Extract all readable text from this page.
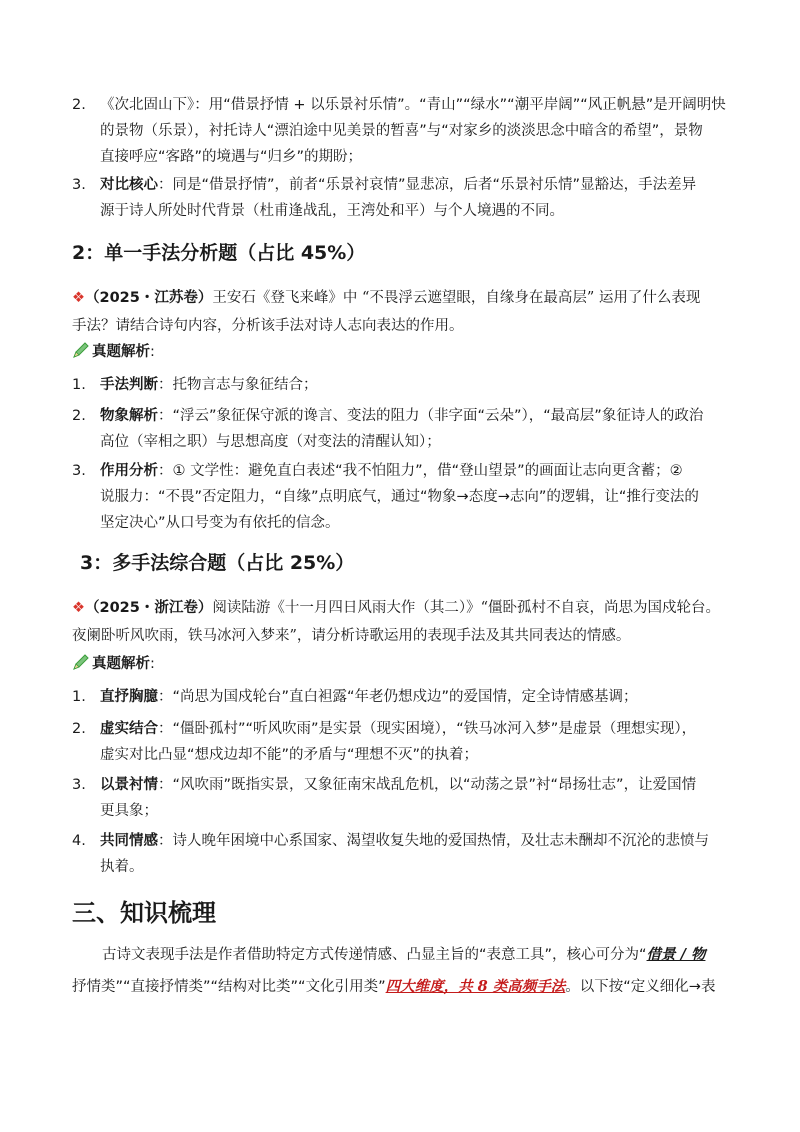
2. 《次北固山下》：用“借景抒情 + 以乐景衬乐情”。“青山”“绿水”“潮平岸阔”“风正帆悬”是开阔明快
的景物（乐景），衬托诗人“漂泊途中见美景的暂喜”与“对家乡的淡淡思念中暗含的希望”，景物
直接呼应“客路”的境遇与“归乡”的期盼；
3. 对比核心：同是“借景抒情”，前者“乐景衬哀情”显悲凉，后者“乐景衬乐情”显豁达，手法差异
源于诗人所处时代背景（杜甫逢战乱，王湾处和平）与个人境遇的不同。
2：单一手法分析题（占比 45%）
❖（2025・江苏卷）王安石《登飞来峰》中 “不畏浮云遮望眼，自缘身在最高层” 运用了什么表现
手法？请结合诗句内容，分析该手法对诗人志向表达的作用。
真题解析:
1. 手法判断：托物言志与象征结合；
2. 物象解析：“浮云”象征保守派的谗言、变法的阻力（非字面“云朵”），“最高层”象征诗人的政治
高位（宰相之职）与思想高度（对变法的清醒认知）；
3. 作用分析：① 文学性：避免直白表述“我不怕阻力”，借“登山望景”的画面让志向更含蓄；②
说服力：“不畏”否定阻力，“自缘”点明底气，通过“物象→态度→志向”的逻辑，让“推行变法的
坚定决心”从口号变为有依托的信念。
3：多手法综合题（占比 25%）
❖（2025・浙江卷）阅读陆游《十一月四日风雨大作（其二）》“僵卧孤村不自哀，尚思为国戍轮台。
夜阑卧听风吹雨，铁马冰河入梦来”，请分析诗歌运用的表现手法及其共同表达的情感。
真题解析:
1. 直抒胸臆：“尚思为国戍轮台”直白袒露“年老仍想戍边”的爱国情，定全诗情感基调；
2. 虚实结合：“僵卧孤村”“听风吹雨”是实景（现实困境），“铁马冰河入梦”是虚景（理想实现），
虚实对比凸显“想戍边却不能”的矛盾与“理想不灭”的执着；
3. 以景衬情：“风吹雨”既指实景，又象征南宋战乱危机，以“动荡之景”衬“昂扬壮志”，让爱国情
更具象；
4. 共同情感：诗人晚年困境中心系国家、渴望收复失地的爱国热情，及壮志未酬却不沉沦的悲愤与
执着。
三、知识梳理
古诗文表现手法是作者借助特定方式传递情感、凸显主旨的“表意工具”，核心可分为“借景 / 物
抒情类”“直接抒情类”“结构对比类”“文化引用类”四大维度，共 8 类高频手法。以下按“定义细化→表
